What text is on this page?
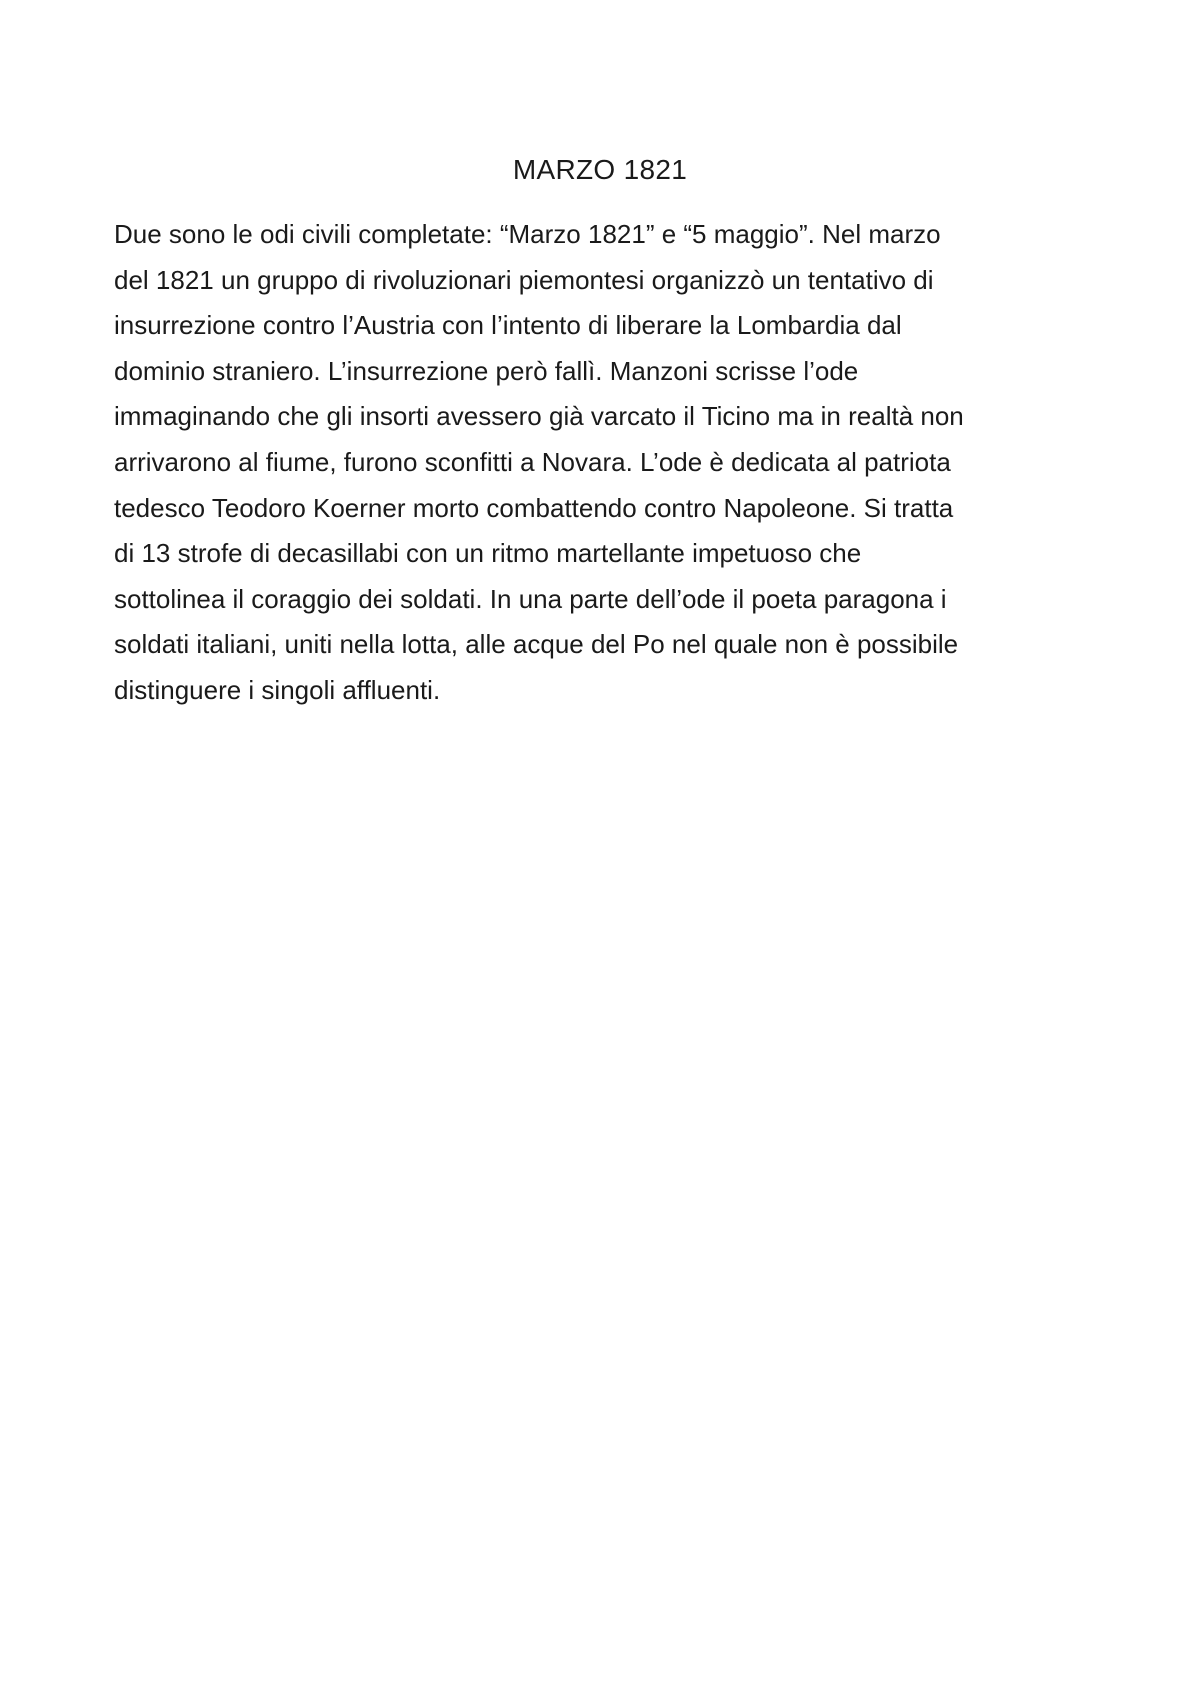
MARZO 1821

Due sono le odi civili completate: “Marzo 1821” e “5 maggio”. Nel marzo
del 1821 un gruppo di rivoluzionari piemontesi organizzò un tentativo di
insurrezione contro l’Austria con l’intento di liberare la Lombardia dal
dominio straniero. L’insurrezione però fallì. Manzoni scrisse l’ode
immaginando che gli insorti avessero già varcato il Ticino ma in realtà non
arrivarono al fiume, furono sconfitti a Novara. L’ode è dedicata al patriota
tedesco Teodoro Koerner morto combattendo contro Napoleone. Si tratta
di 13 strofe di decasillabi con un ritmo martellante impetuoso che
sottolinea il coraggio dei soldati. In una parte dell’ode il poeta paragona i
soldati italiani, uniti nella lotta, alle acque del Po nel quale non è possibile
distinguere i singoli affluenti.
